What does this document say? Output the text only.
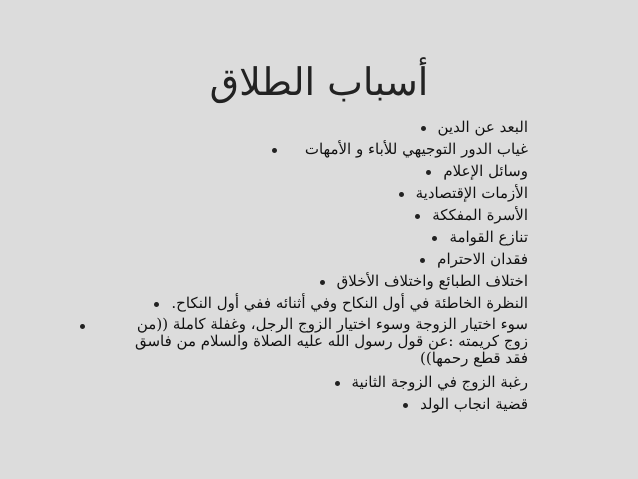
أسباب الطلاق
البعد عن الدين
غياب الدور التوجيهي للأباء و الأمهات
وسائل الإعلام
الأزمات الإقتصادية
الأسرة المفككة
تنازع القوامة
فقدان الاحترام
اختلاف الطبائع واختلاف الأخلاق
النظرة الخاطئة في أول النكاح وفي أثنائه ففي أول النكاح.
سوء اختيار الزوجة وسوء اختيار الزوج الرجل، وغفلة كاملة ((من زوج كريمته :عن قول رسول الله عليه الصلاة والسلام من فاسق فقد قطع رحمها))
رغبة الزوج في الزوجة الثانية
قضية انجاب الولد
